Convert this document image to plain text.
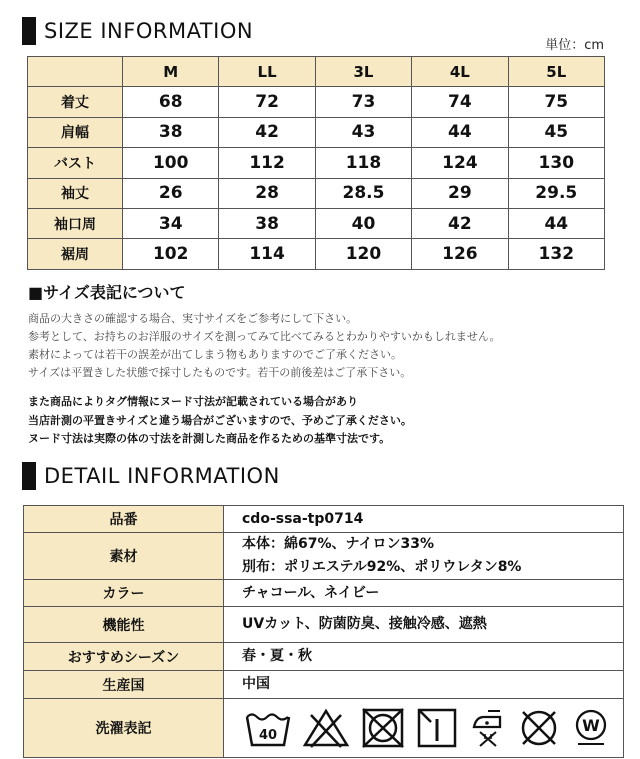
SIZE INFORMATION
単位：cm
	M	LL	3L	4L	5L
着丈	68	72	73	74	75
肩幅	38	42	43	44	45
バスト	100	112	118	124	130
袖丈	26	28	28.5	29	29.5
袖口周	34	38	40	42	44
裾周	102	114	120	126	132
■サイズ表記について
商品の大きさの確認する場合、実寸サイズをご参考にして下さい。
参考として、お持ちのお洋服のサイズを測ってみて比べてみるとわかりやすいかもしれません。
素材によっては若干の誤差が出てしまう物もありますのでご了承ください。
サイズは平置きした状態で採寸したものです。若干の前後差はご了承下さい。
また商品によりタグ情報にヌード寸法が記載されている場合があり
当店計測の平置きサイズと違う場合がございますので、予めご了承ください。
ヌード寸法は実際の体の寸法を計測した商品を作るための基準寸法です。
DETAIL INFORMATION
品番	cdo-ssa-tp0714

素材	本体：綿67%、ナイロン33%
別布：ポリエステル92%、ポリウレタン8%

カラー	チャコール、ネイビー

機能性	UVカット、防菌防臭、接触冷感、遮熱

おすすめシーズン	春・夏・秋

生産国	中国

洗濯表記	40
W
